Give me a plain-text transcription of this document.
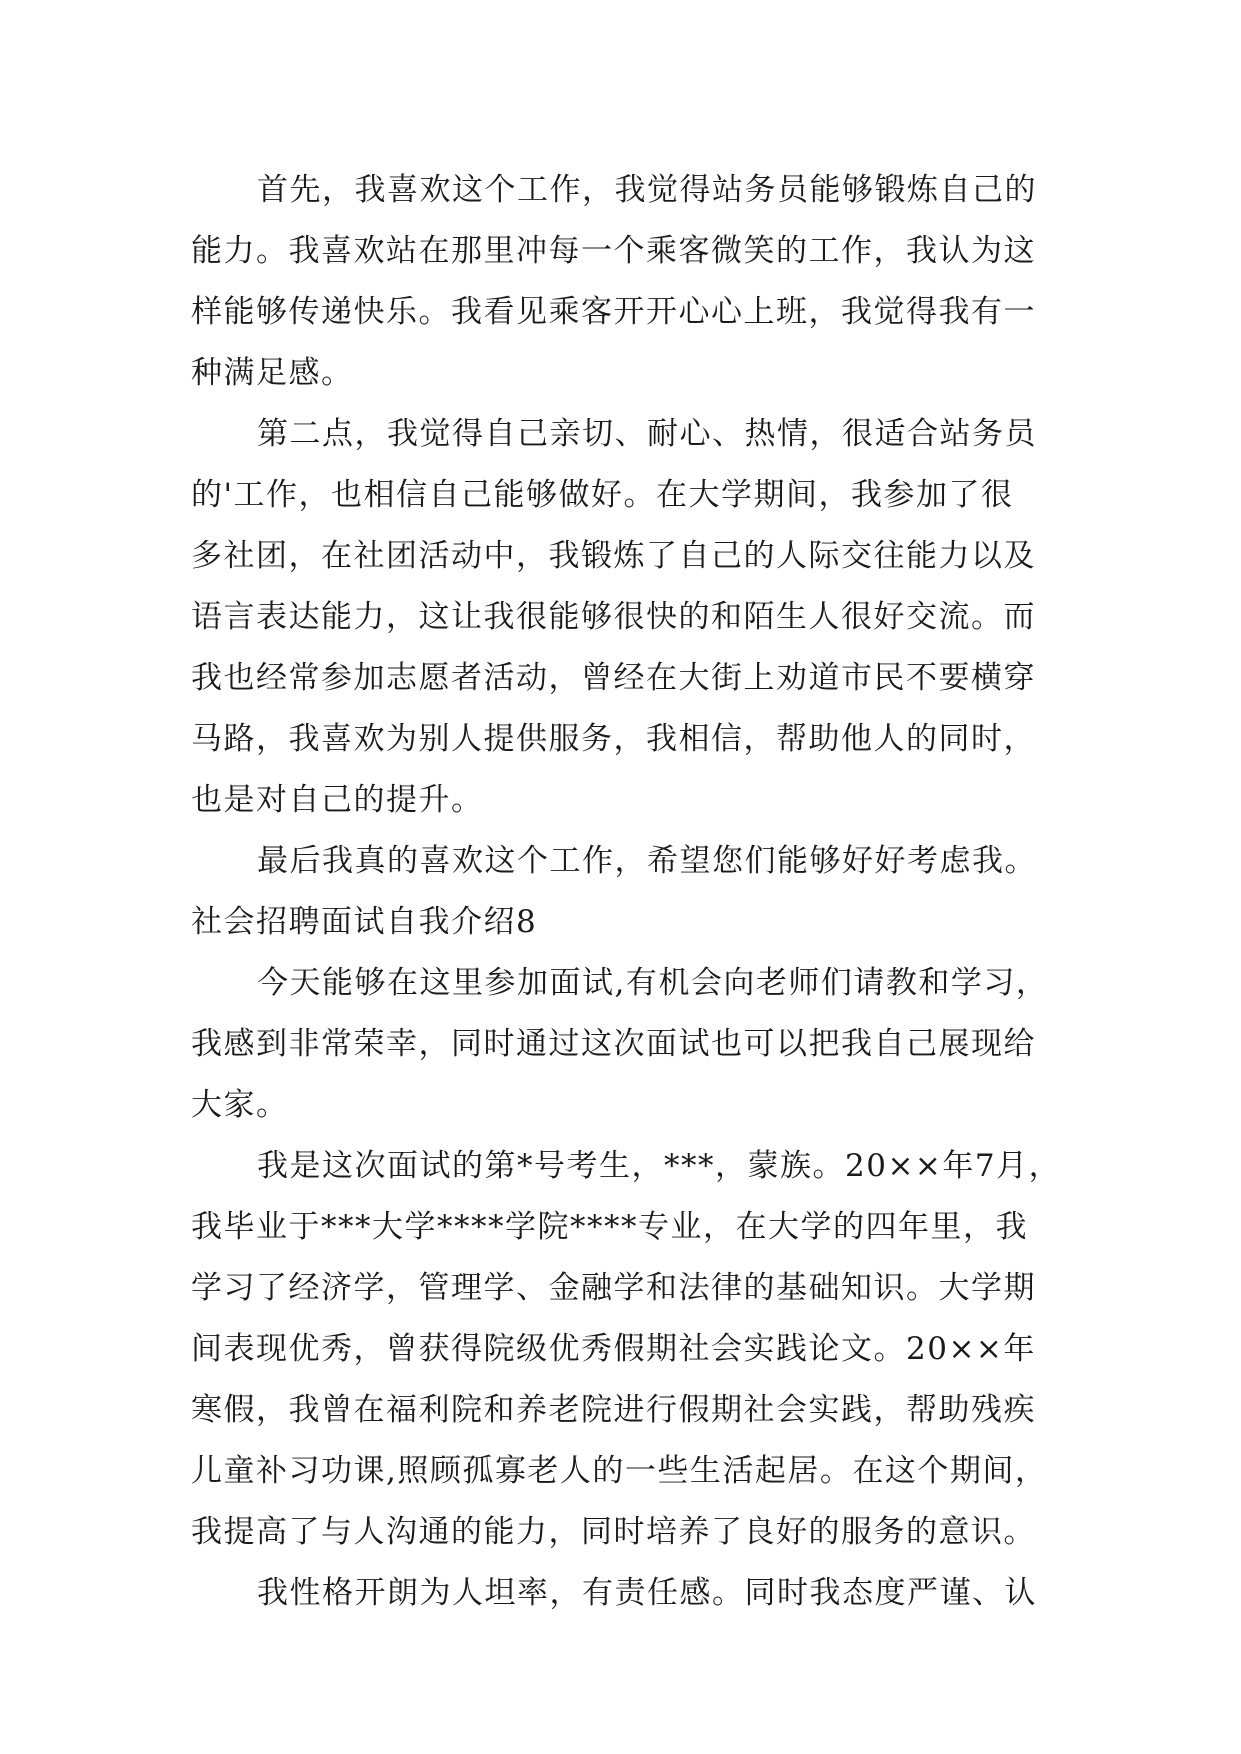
首先，我喜欢这个工作，我觉得站务员能够锻炼自己的
能力。我喜欢站在那里冲每一个乘客微笑的工作，我认为这
样能够传递快乐。我看见乘客开开心心上班，我觉得我有一
种满足感。
第二点，我觉得自己亲切、耐心、热情，很适合站务员
的'工作，也相信自己能够做好。在大学期间，我参加了很
多社团，在社团活动中，我锻炼了自己的人际交往能力以及
语言表达能力，这让我很能够很快的和陌生人很好交流。而
我也经常参加志愿者活动，曾经在大街上劝道市民不要横穿
马路，我喜欢为别人提供服务，我相信，帮助他人的同时，
也是对自己的提升。
最后我真的喜欢这个工作，希望您们能够好好考虑我。
社会招聘面试自我介绍8
今天能够在这里参加面试,有机会向老师们请教和学习，
我感到非常荣幸，同时通过这次面试也可以把我自己展现给
大家。
我是这次面试的第*号考生，***，蒙族。20××年7月，
我毕业于***大学****学院****专业，在大学的四年里，我
学习了经济学，管理学、金融学和法律的基础知识。大学期
间表现优秀，曾获得院级优秀假期社会实践论文。20××年
寒假，我曾在福利院和养老院进行假期社会实践，帮助残疾
儿童补习功课,照顾孤寡老人的一些生活起居。在这个期间，
我提高了与人沟通的能力，同时培养了良好的服务的意识。
我性格开朗为人坦率，有责任感。同时我态度严谨、认
